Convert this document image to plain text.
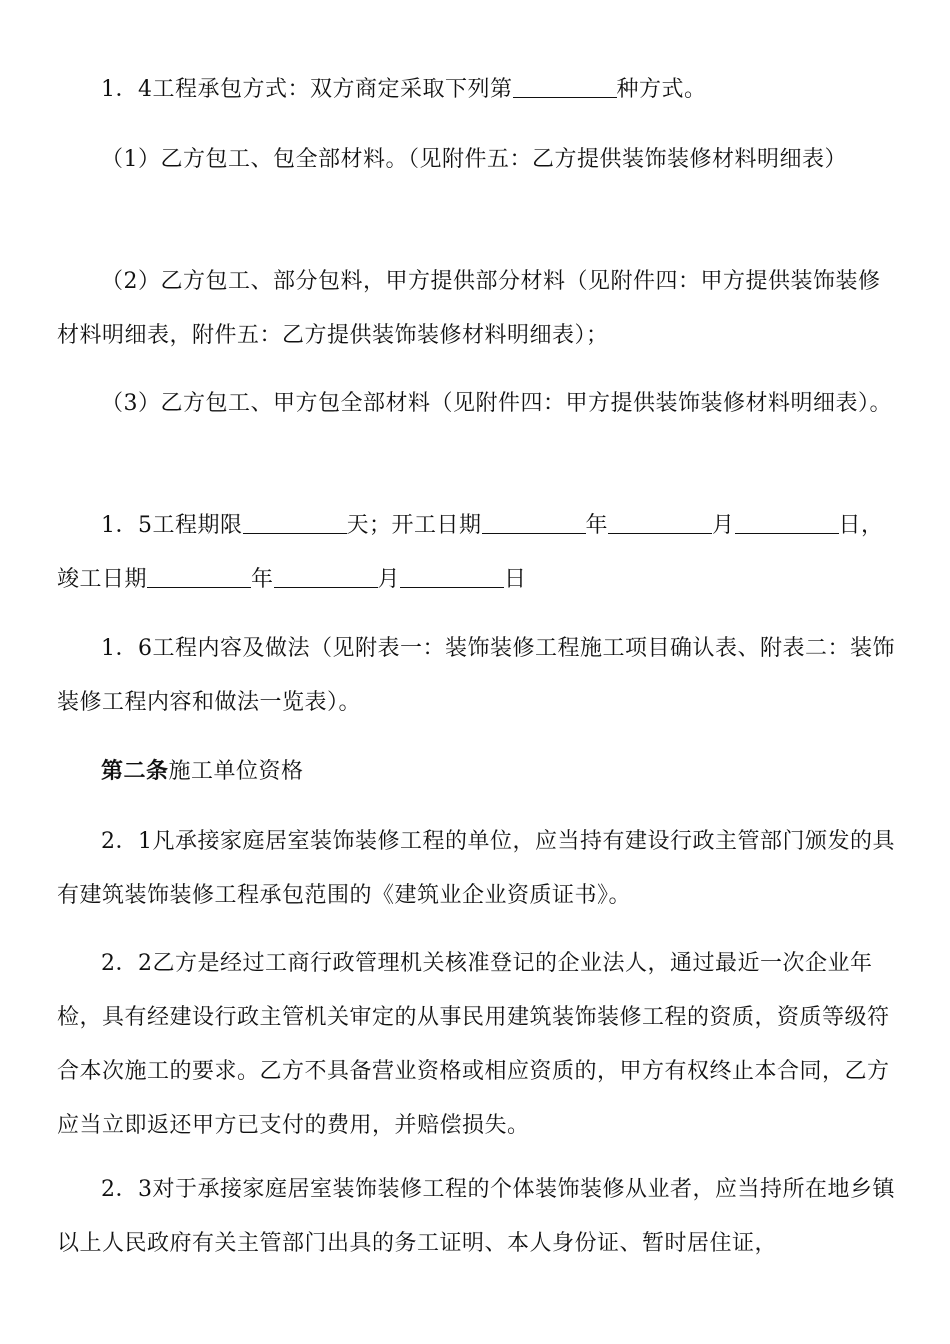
1．4工程承包方式：双方商定采取下列第	种方式。
（1）乙方包工、包全部材料。（见附件五：乙方提供装饰装修材料明细表）
（2）乙方包工、部分包料，甲方提供部分材料（见附件四：甲方提供装饰装修材料明细表，附件五：乙方提供装饰装修材料明细表）；
（3）乙方包工、甲方包全部材料（见附件四：甲方提供装饰装修材料明细表）。
1．5工程期限	天；开工日期	年	月	日，竣工日期	年	月	日
1．6工程内容及做法（见附表一：装饰装修工程施工项目确认表、附表二：装饰装修工程内容和做法一览表）。
第二条施工单位资格
2．1凡承接家庭居室装饰装修工程的单位，应当持有建设行政主管部门颁发的具有建筑装饰装修工程承包范围的《建筑业企业资质证书》。
2．2乙方是经过工商行政管理机关核准登记的企业法人，通过最近一次企业年检，具有经建设行政主管机关审定的从事民用建筑装饰装修工程的资质，资质等级符合本次施工的要求。乙方不具备营业资格或相应资质的，甲方有权终止本合同，乙方应当立即返还甲方已支付的费用，并赔偿损失。
2．3对于承接家庭居室装饰装修工程的个体装饰装修从业者，应当持所在地乡镇以上人民政府有关主管部门出具的务工证明、本人身份证、暂时居住证，
